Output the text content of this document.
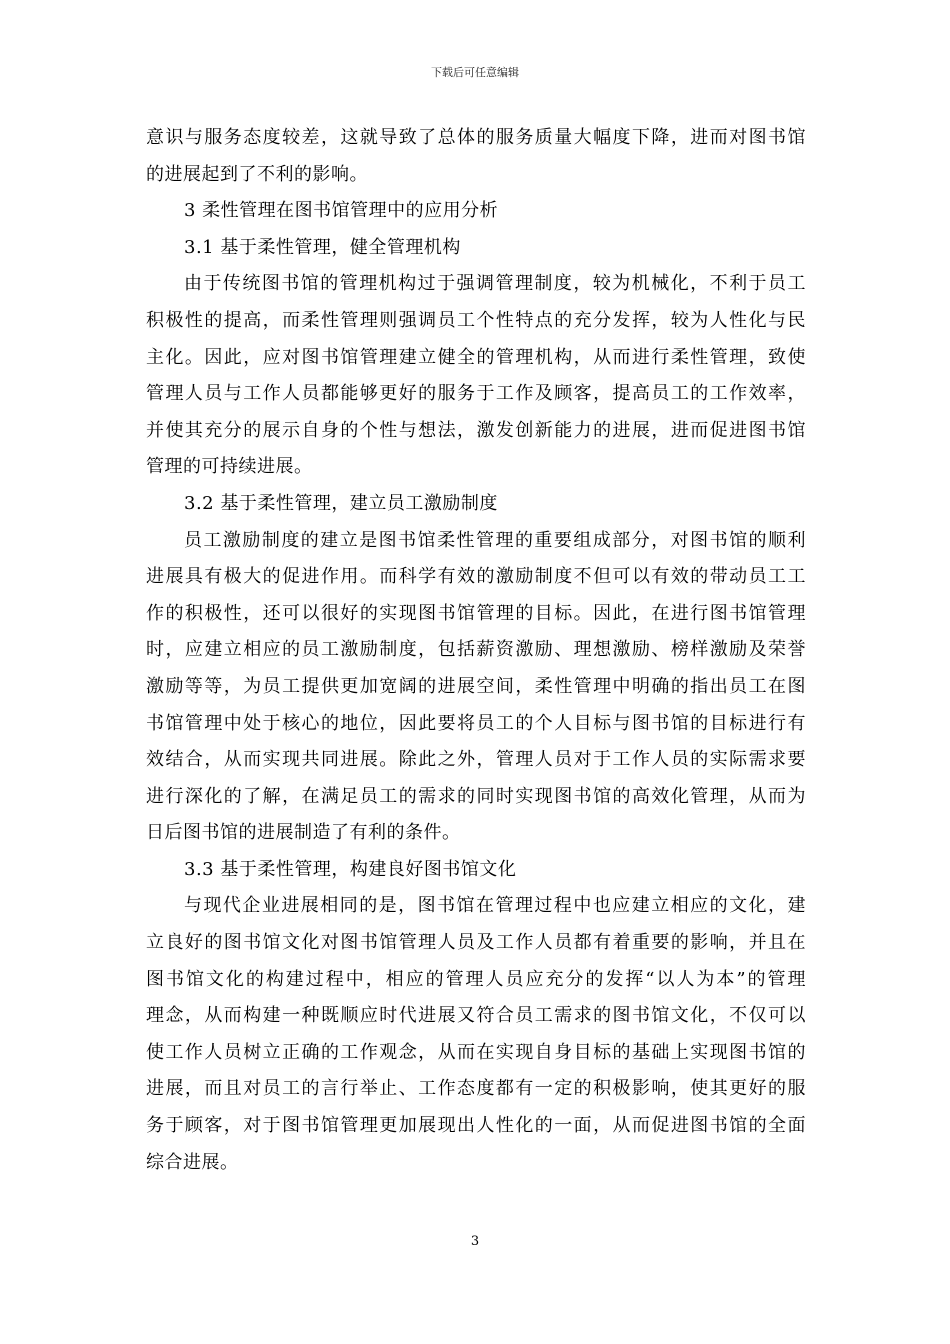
下载后可任意编辑
意识与服务态度较差，这就导致了总体的服务质量大幅度下降，进而对图书馆
的进展起到了不利的影响。
3 柔性管理在图书馆管理中的应用分析
3.1 基于柔性管理，健全管理机构
由于传统图书馆的管理机构过于强调管理制度，较为机械化，不利于员工
积极性的提高，而柔性管理则强调员工个性特点的充分发挥，较为人性化与民
主化。因此，应对图书馆管理建立健全的管理机构，从而进行柔性管理，致使
管理人员与工作人员都能够更好的服务于工作及顾客，提高员工的工作效率，
并使其充分的展示自身的个性与想法，激发创新能力的进展，进而促进图书馆
管理的可持续进展。
3.2 基于柔性管理，建立员工激励制度
员工激励制度的建立是图书馆柔性管理的重要组成部分，对图书馆的顺利
进展具有极大的促进作用。而科学有效的激励制度不但可以有效的带动员工工
作的积极性，还可以很好的实现图书馆管理的目标。因此，在进行图书馆管理
时，应建立相应的员工激励制度，包括薪资激励、理想激励、榜样激励及荣誉
激励等等，为员工提供更加宽阔的进展空间，柔性管理中明确的指出员工在图
书馆管理中处于核心的地位，因此要将员工的个人目标与图书馆的目标进行有
效结合，从而实现共同进展。除此之外，管理人员对于工作人员的实际需求要
进行深化的了解，在满足员工的需求的同时实现图书馆的高效化管理，从而为
日后图书馆的进展制造了有利的条件。
3.3 基于柔性管理，构建良好图书馆文化
与现代企业进展相同的是，图书馆在管理过程中也应建立相应的文化，建
立良好的图书馆文化对图书馆管理人员及工作人员都有着重要的影响，并且在
图书馆文化的构建过程中，相应的管理人员应充分的发挥“以人为本”的管理
理念，从而构建一种既顺应时代进展又符合员工需求的图书馆文化，不仅可以
使工作人员树立正确的工作观念，从而在实现自身目标的基础上实现图书馆的
进展，而且对员工的言行举止、工作态度都有一定的积极影响，使其更好的服
务于顾客，对于图书馆管理更加展现出人性化的一面，从而促进图书馆的全面
综合进展。
3
